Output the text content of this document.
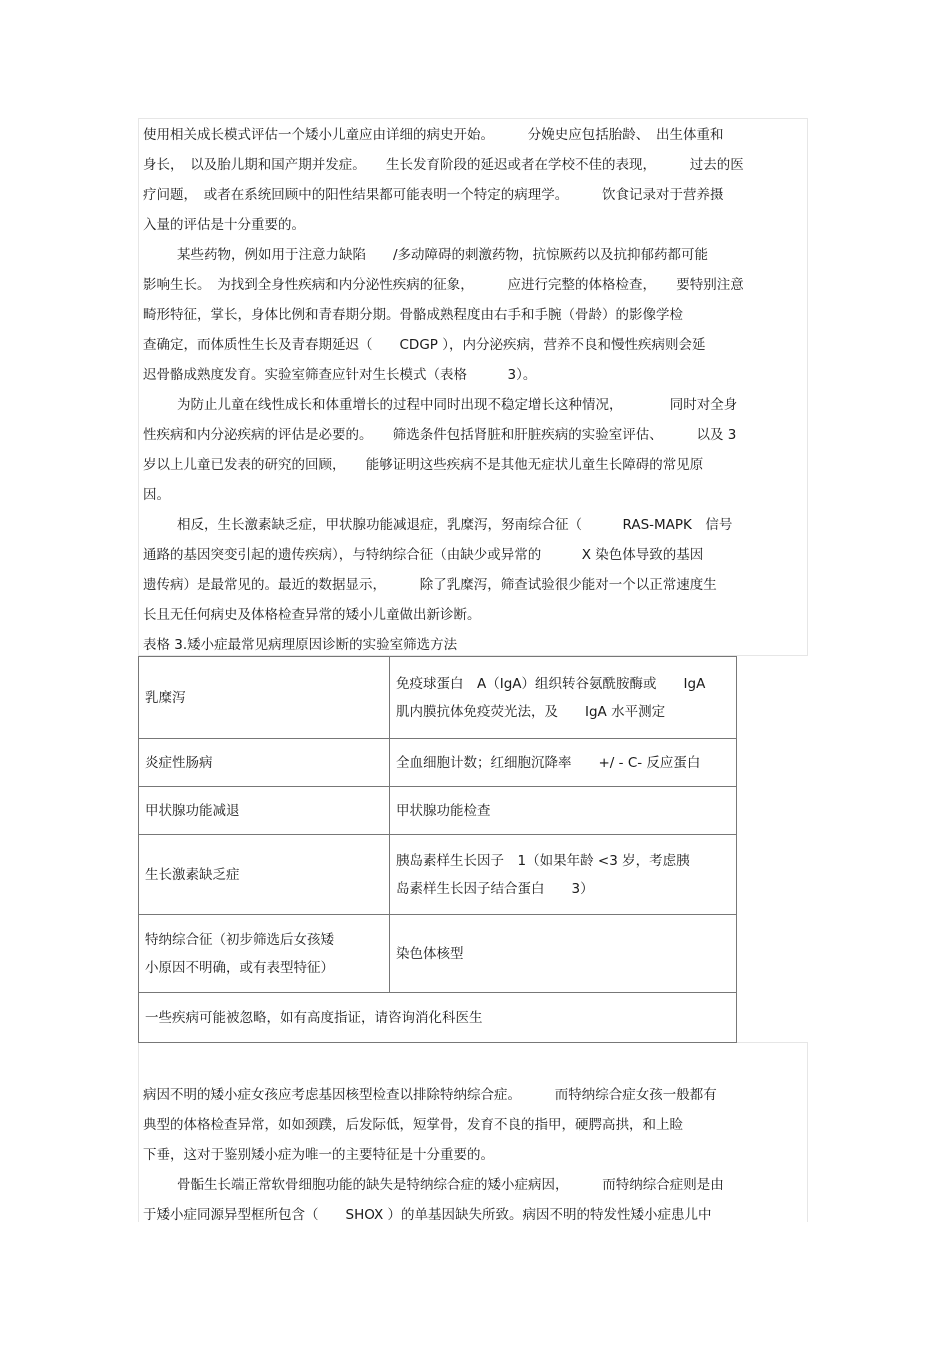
使用相关成长模式评估一个矮小儿童应由详细的病史开始。　　　分娩史应包括胎龄、　出生体重和
身长，　以及胎儿期和国产期并发症。　　生长发育阶段的延迟或者在学校不佳的表现，　　　过去的医
疗问题，　或者在系统回顾中的阳性结果都可能表明一个特定的病理学。　　　饮食记录对于营养摄
入量的评估是十分重要的。

某些药物，例如用于注意力缺陷　　/多动障碍的刺激药物，抗惊厥药以及抗抑郁药都可能
影响生长。　为找到全身性疾病和内分泌性疾病的征象，　　　应进行完整的体格检查，　　要特别注意
畸形特征，掌长，身体比例和青春期分期。骨骼成熟程度由右手和手腕（骨龄）的影像学检
查确定，而体质性生长及青春期延迟（　　CDGP ），内分泌疾病，营养不良和慢性疾病则会延
迟骨骼成熟度发育。实验室筛查应针对生长模式（表格　　　3）。

为防止儿童在线性成长和体重增长的过程中同时出现不稳定增长这种情况，　　　　同时对全身
性疾病和内分泌疾病的评估是必要的。　　筛选条件包括肾脏和肝脏疾病的实验室评估、　　　以及 3
岁以上儿童已发表的研究的回顾，　　能够证明这些疾病不是其他无症状儿童生长障碍的常见原
因。

相反，生长激素缺乏症，甲状腺功能减退症，乳糜泻，努南综合征（　　　RAS-MAPK　信号
通路的基因突变引起的遗传疾病），与特纳综合征（由缺少或异常的　　　X 染色体导致的基因
遗传病）是最常见的。最近的数据显示，　　　除了乳糜泻，筛查试验很少能对一个以正常速度生
长且无任何病史及体格检查异常的矮小儿童做出新诊断。

表格 3.矮小症最常见病理原因诊断的实验室筛选方法
乳糜泻	免疫球蛋白　A（IgA）组织转谷氨酰胺酶或　　IgA
肌内膜抗体免疫荧光法，及　　IgA 水平测定

炎症性肠病	全血细胞计数；红细胞沉降率　　+/ - C- 反应蛋白

甲状腺功能减退	甲状腺功能检查

生长激素缺乏症	胰岛素样生长因子　1（如果年龄 <3 岁，考虑胰
岛素样生长因子结合蛋白　　3）

特纳综合征（初步筛选后女孩矮
小原因不明确，或有表型特征）	染色体核型

一些疾病可能被忽略，如有高度指证，请咨询消化科医生	

病因不明的矮小症女孩应考虑基因核型检查以排除特纳综合症。　　　而特纳综合症女孩一般都有
典型的体格检查异常，如如颈蹼，后发际低，短掌骨，发育不良的指甲，硬腭高拱，和上睑
下垂，这对于鉴别矮小症为唯一的主要特征是十分重要的。

骨骺生长端正常软骨细胞功能的缺失是特纳综合症的矮小症病因，　　　而特纳综合症则是由
于矮小症同源异型框所包含（　　SHOX ）的单基因缺失所致。病因不明的特发性矮小症患儿中
